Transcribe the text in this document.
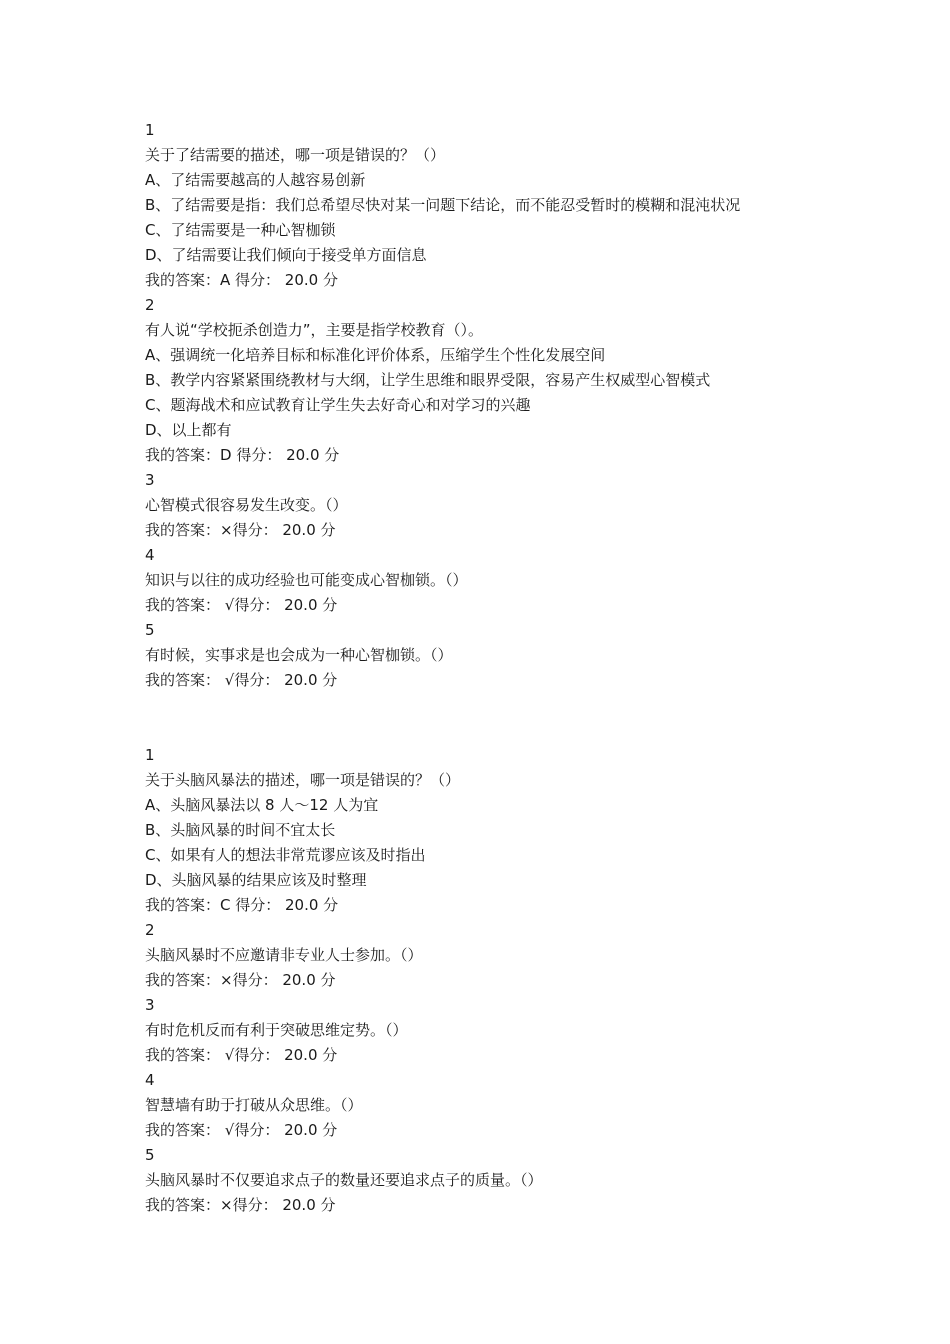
1
关于了结需要的描述，哪一项是错误的？（）
A、了结需要越高的人越容易创新
B、了结需要是指：我们总希望尽快对某一问题下结论，而不能忍受暂时的模糊和混沌状况
C、了结需要是一种心智枷锁
D、了结需要让我们倾向于接受单方面信息
我的答案：A 得分： 20.0 分
2
有人说“学校扼杀创造力”，主要是指学校教育（）。
A、强调统一化培养目标和标准化评价体系，压缩学生个性化发展空间
B、教学内容紧紧围绕教材与大纲，让学生思维和眼界受限，容易产生权威型心智模式
C、题海战术和应试教育让学生失去好奇心和对学习的兴趣
D、以上都有
我的答案：D 得分： 20.0 分
3
心智模式很容易发生改变。（）
我的答案：×得分： 20.0 分
4
知识与以往的成功经验也可能变成心智枷锁。（）
我的答案： √得分： 20.0 分
5
有时候，实事求是也会成为一种心智枷锁。（）
我的答案： √得分： 20.0 分
1
关于头脑风暴法的描述，哪一项是错误的？（）
A、头脑风暴法以 8 人～12 人为宜
B、头脑风暴的时间不宜太长
C、如果有人的想法非常荒谬应该及时指出
D、头脑风暴的结果应该及时整理
我的答案：C 得分： 20.0 分
2
头脑风暴时不应邀请非专业人士参加。（）
我的答案：×得分： 20.0 分
3
有时危机反而有利于突破思维定势。（）
我的答案： √得分： 20.0 分
4
智慧墙有助于打破从众思维。（）
我的答案： √得分： 20.0 分
5
头脑风暴时不仅要追求点子的数量还要追求点子的质量。（）
我的答案：×得分： 20.0 分
